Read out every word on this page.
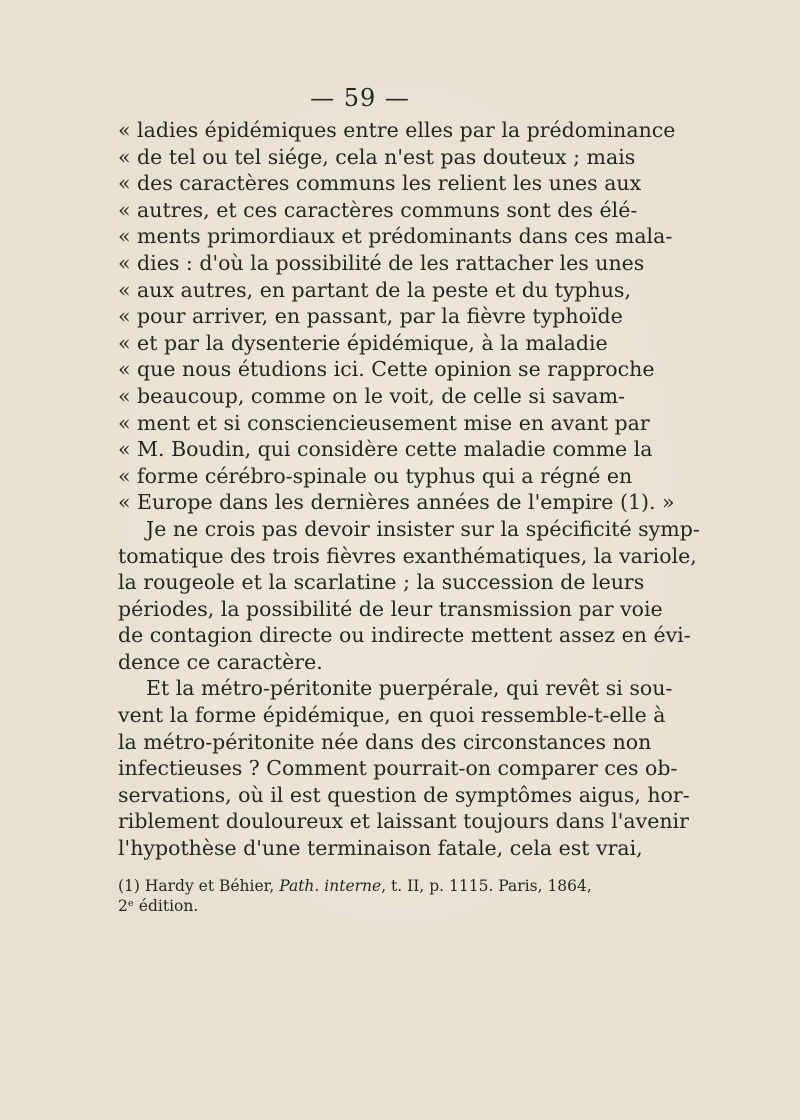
— 59 —
« ladies épidémiques entre elles par la prédominance
« de tel ou tel siége, cela n'est pas douteux ; mais
« des caractères communs les relient les unes aux
« autres, et ces caractères communs sont des élé-
« ments primordiaux et prédominants dans ces mala-
« dies : d'où la possibilité de les rattacher les unes
« aux autres, en partant de la peste et du typhus,
« pour arriver, en passant, par la fièvre typhoïde
« et par la dysenterie épidémique, à la maladie
« que nous étudions ici. Cette opinion se rapproche
« beaucoup, comme on le voit, de celle si savam-
« ment et si consciencieusement mise en avant par
« M. Boudin, qui considère cette maladie comme la
« forme cérébro-spinale ou typhus qui a régné en
« Europe dans les dernières années de l'empire (1). »
Je ne crois pas devoir insister sur la spécificité symp-
tomatique des trois fièvres exanthématiques, la variole,
la rougeole et la scarlatine ; la succession de leurs
périodes, la possibilité de leur transmission par voie
de contagion directe ou indirecte mettent assez en évi-
dence ce caractère.
Et la métro-péritonite puerpérale, qui revêt si sou-
vent la forme épidémique, en quoi ressemble-t-elle à
la métro-péritonite née dans des circonstances non
infectieuses ? Comment pourrait-on comparer ces ob-
servations, où il est question de symptômes aigus, hor-
riblement douloureux et laissant toujours dans l'avenir
l'hypothèse d'une terminaison fatale, cela est vrai,
(1) Hardy et Béhier, Path. interne, t. II, p. 1115. Paris, 1864,
2ᵉ édition.
